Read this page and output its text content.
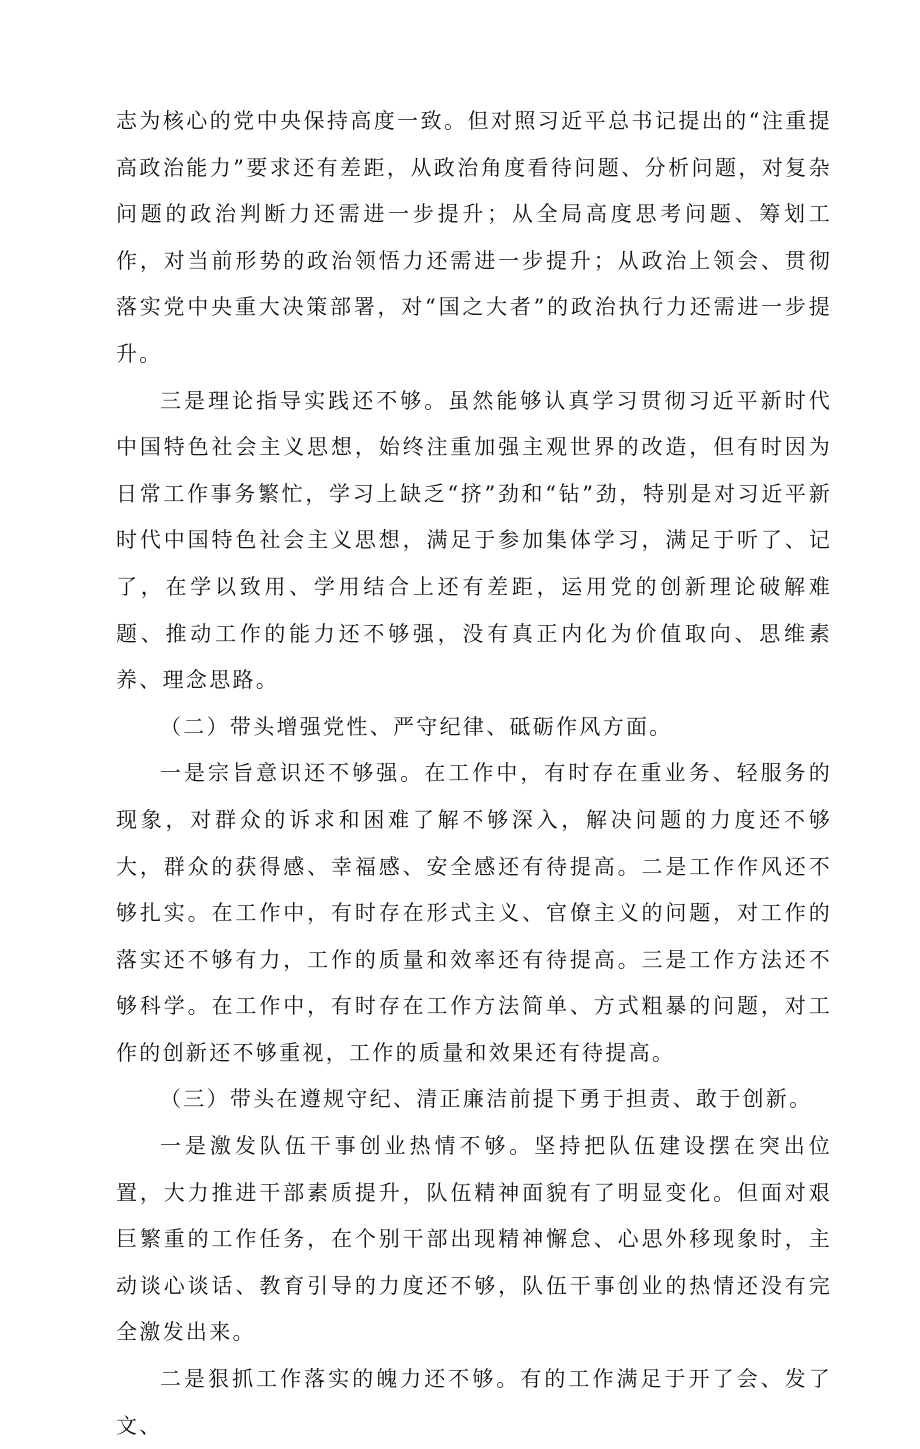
志为核心的党中央保持高度一致。但对照习近平总书记提出的“注重提高政治能力”要求还有差距，从政治角度看待问题、分析问题，对复杂问题的政治判断力还需进一步提升；从全局高度思考问题、筹划工作，对当前形势的政治领悟力还需进一步提升；从政治上领会、贯彻落实党中央重大决策部署，对“国之大者”的政治执行力还需进一步提升。

三是理论指导实践还不够。虽然能够认真学习贯彻习近平新时代中国特色社会主义思想，始终注重加强主观世界的改造，但有时因为日常工作事务繁忙，学习上缺乏“挤”劲和“钻”劲，特别是对习近平新时代中国特色社会主义思想，满足于参加集体学习，满足于听了、记了，在学以致用、学用结合上还有差距，运用党的创新理论破解难题、推动工作的能力还不够强，没有真正内化为价值取向、思维素养、理念思路。

（二）带头增强党性、严守纪律、砥砺作风方面。

一是宗旨意识还不够强。在工作中，有时存在重业务、轻服务的现象，对群众的诉求和困难了解不够深入，解决问题的力度还不够大，群众的获得感、幸福感、安全感还有待提高。二是工作作风还不够扎实。在工作中，有时存在形式主义、官僚主义的问题，对工作的落实还不够有力，工作的质量和效率还有待提高。三是工作方法还不够科学。在工作中，有时存在工作方法简单、方式粗暴的问题，对工作的创新还不够重视，工作的质量和效果还有待提高。

（三）带头在遵规守纪、清正廉洁前提下勇于担责、敢于创新。

一是激发队伍干事创业热情不够。坚持把队伍建设摆在突出位置，大力推进干部素质提升，队伍精神面貌有了明显变化。但面对艰巨繁重的工作任务，在个别干部出现精神懈怠、心思外移现象时，主动谈心谈话、教育引导的力度还不够，队伍干事创业的热情还没有完全激发出来。

二是狠抓工作落实的魄力还不够。有的工作满足于开了会、发了文、
